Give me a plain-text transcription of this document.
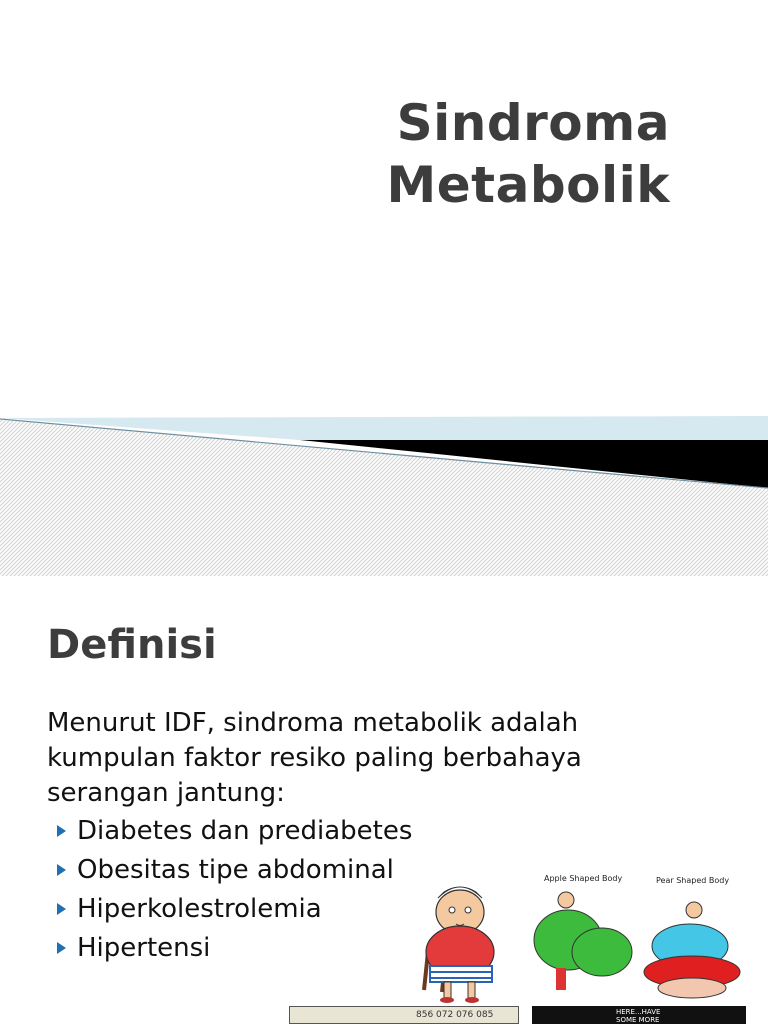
Sindroma
Metabolik
Definisi
Menurut IDF, sindroma metabolik adalah kumpulan faktor resiko paling berbahaya serangan jantung:
Diabetes dan prediabetes
Obesitas tipe abdominal
Hiperkolestrolemia
Hipertensi
Apple Shaped Body	Pear Shaped Body
856 072 076 085	HERE...HAVE SOME MORE SALT!
